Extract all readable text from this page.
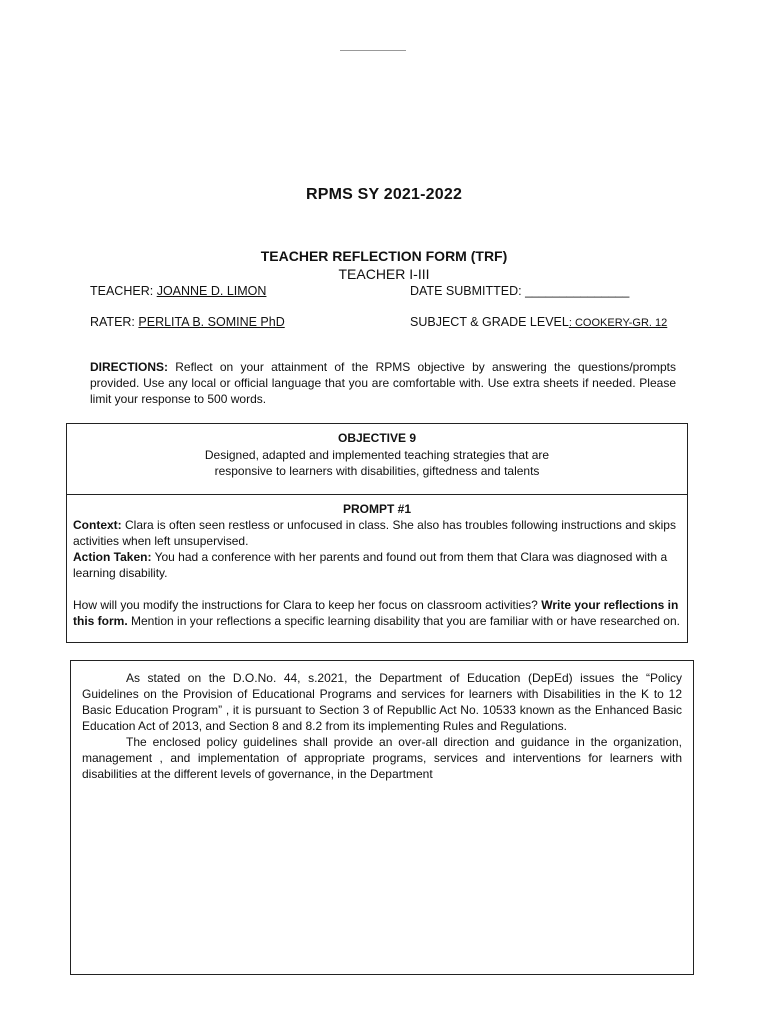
RPMS SY 2021-2022
TEACHER REFLECTION FORM (TRF)
TEACHER I-III
TEACHER: JOANNE D. LIMON	DATE SUBMITTED: _______________
RATER: PERLITA B. SOMINE PhD	SUBJECT & GRADE LEVEL: COOKERY-GR. 12
DIRECTIONS: Reflect on your attainment of the RPMS objective by answering the questions/prompts provided. Use any local or official language that you are comfortable with. Use extra sheets if needed. Please limit your response to 500 words.
OBJECTIVE 9
Designed, adapted and implemented teaching strategies that are responsive to learners with disabilities, giftedness and talents
PROMPT #1

Context: Clara is often seen restless or unfocused in class. She also has troubles following instructions and skips activities when left unsupervised.

Action Taken: You had a conference with her parents and found out from them that Clara was diagnosed with a learning disability.

How will you modify the instructions for Clara to keep her focus on classroom activities? Write your reflections in this form. Mention in your reflections a specific learning disability that you are familiar with or have researched on.

As stated on the D.O.No. 44, s.2021, the Department of Education (DepEd) issues the “Policy Guidelines on the Provision of Educational Programs and services for learners with Disabilities in the K to 12 Basic Education Program” , it is pursuant to Section 3 of Republlic Act No. 10533 known as the Enhanced Basic Education Act of 2013, and Section 8 and 8.2 from its implementing Rules and Regulations.

The enclosed policy guidelines shall provide an over-all direction and guidance in the organization, management , and implementation of appropriate programs, services and interventions for learners with disabilities at the different levels of governance, in the Department
